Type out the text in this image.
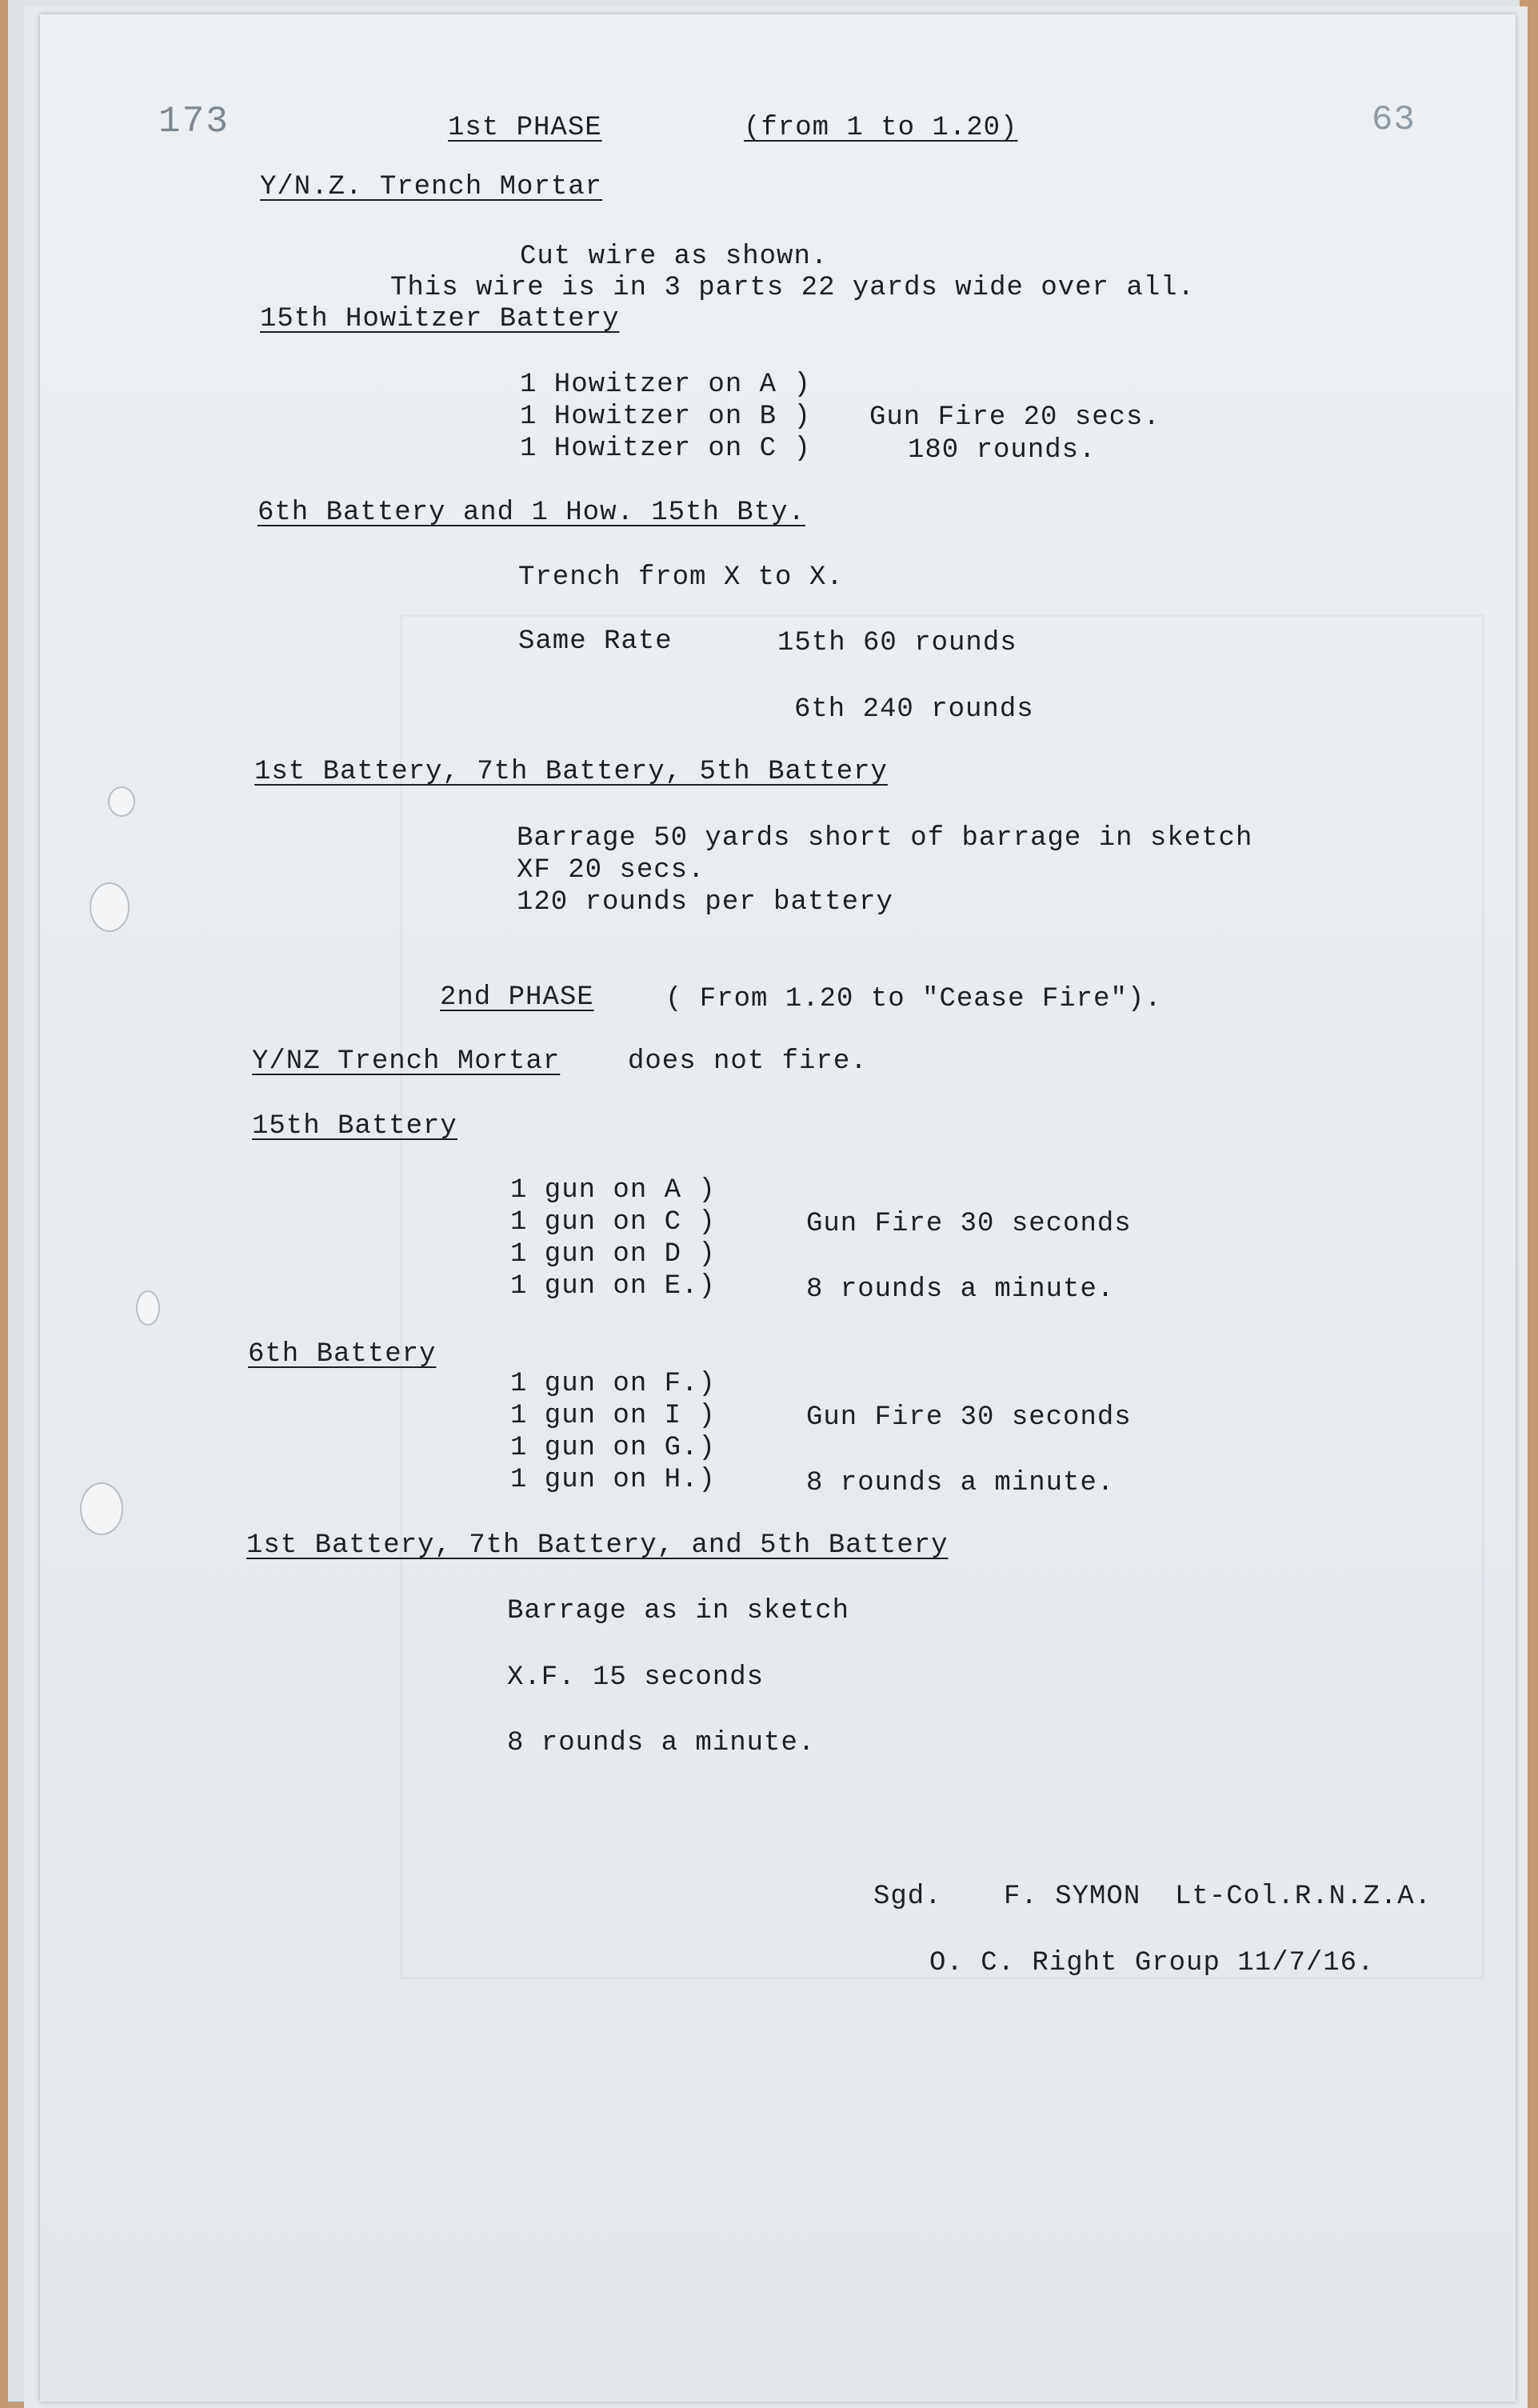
173	63
1st PHASE	(from 1 to 1.20)
Y/N.Z. Trench Mortar
Cut wire as shown.
This wire is in 3 parts 22 yards wide over all.
15th Howitzer Battery
1 Howitzer on A )
1 Howitzer on B )
1 Howitzer on C )
Gun Fire 20 secs.
180 rounds.
6th Battery and 1 How. 15th Bty.
Trench from X to X.
Same Rate	15th 60 rounds
6th 240 rounds
1st Battery, 7th Battery, 5th Battery
Barrage 50 yards short of barrage in sketch
XF 20 secs.
120 rounds per battery
2nd PHASE	( From 1.20 to "Cease Fire").
Y/NZ Trench Mortar does not fire.
15th Battery
1 gun on A )
1 gun on C )
1 gun on D )
1 gun on E.)
Gun Fire 30 seconds
8 rounds a minute.
6th Battery
1 gun on F.)
1 gun on I )
1 gun on G.)
1 gun on H.)
Gun Fire 30 seconds
8 rounds a minute.
1st Battery, 7th Battery, and 5th Battery
Barrage as in sketch
X.F. 15 seconds
8 rounds a minute.
Sgd. F. SYMON  Lt-Col.R.N.Z.A.
O. C. Right Group 11/7/16.
